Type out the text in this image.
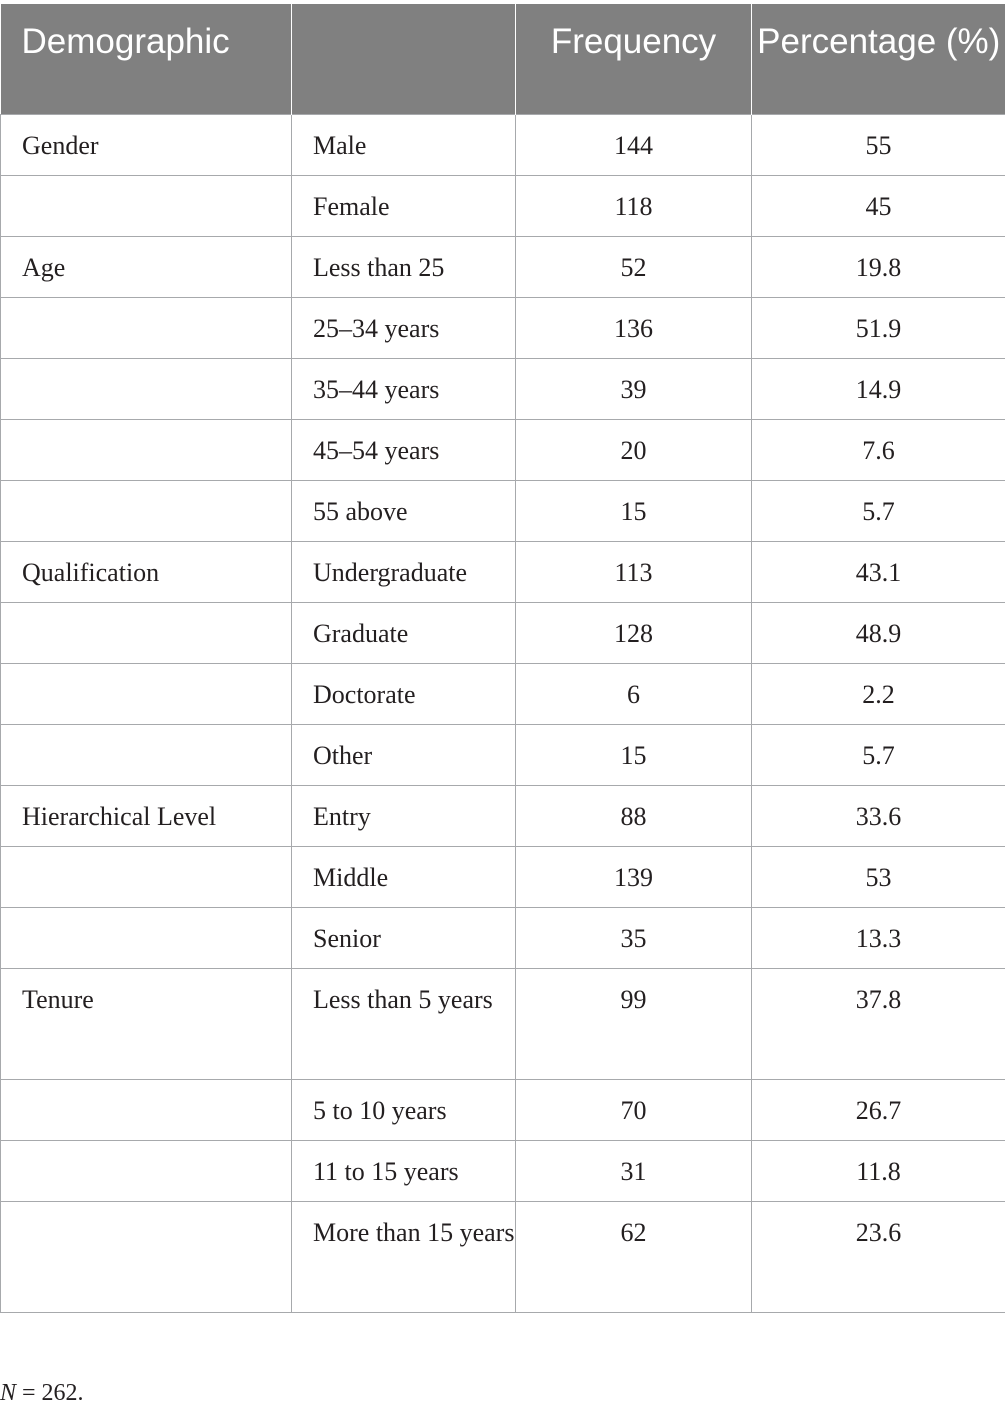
Demographic		Frequency	Percentage (%)

Gender	Male	144	55

	Female	118	45

Age	Less than 25	52	19.8

	25–34 years	136	51.9

	35–44 years	39	14.9

	45–54 years	20	7.6

	55 above	15	5.7

Qualification	Undergraduate	113	43.1

	Graduate	128	48.9

	Doctorate	6	2.2

	Other	15	5.7

Hierarchical Level	Entry	88	33.6

	Middle	139	53

	Senior	35	13.3

Tenure	Less than 5 years	99	37.8

	5 to 10 years	70	26.7

	11 to 15 years	31	11.8

	More than 15 years	62	23.6
N = 262.
